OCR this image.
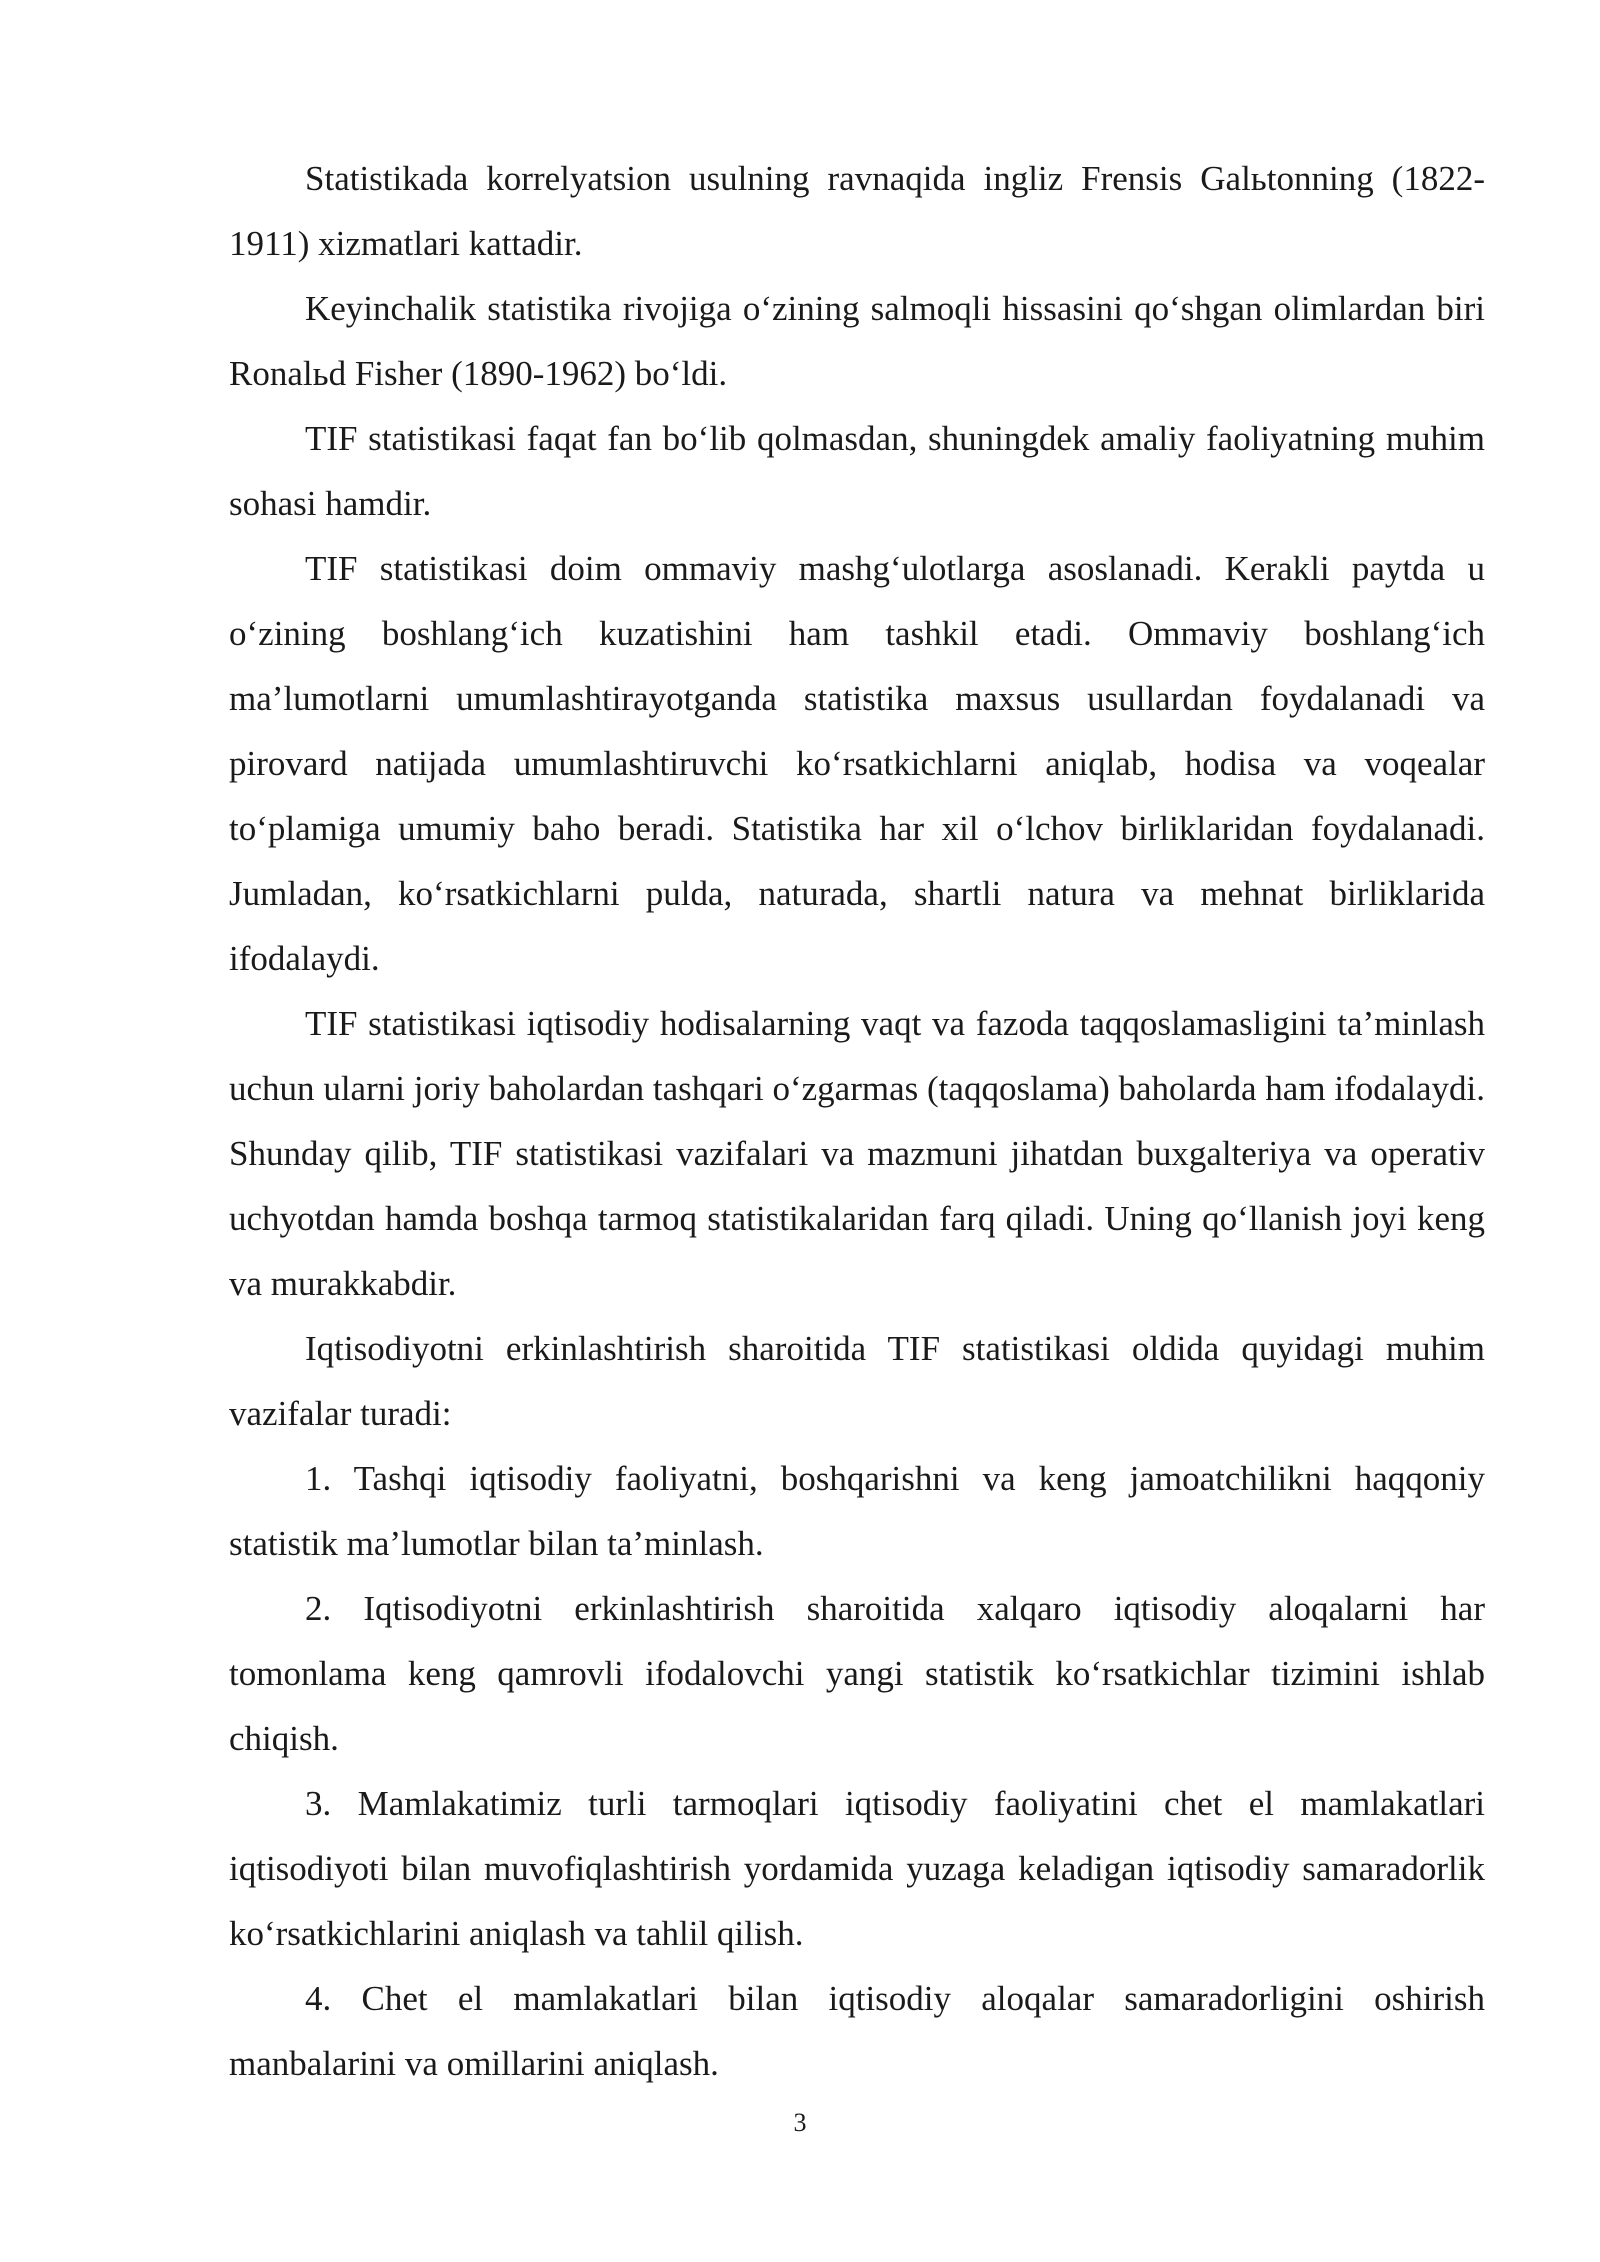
Statistikada korrelyatsion usulning ravnaqida ingliz Frensis Galьtonning (1822-1911) xizmatlari kattadir.

Keyinchalik statistika rivojiga o‘zining salmoqli hissasini qo‘shgan olimlardan biri Ronalьd Fisher (1890-1962) bo‘ldi.

TIF statistikasi faqat fan bo‘lib qolmasdan, shuningdek amaliy faoliyatning muhim sohasi hamdir.

TIF statistikasi doim ommaviy mashg‘ulotlarga asoslanadi. Kerakli paytda u o‘zining boshlang‘ich kuzatishini ham tashkil etadi. Ommaviy boshlang‘ich ma’lumotlarni umumlashtirayotganda statistika maxsus usullardan foydalanadi va pirovard natijada umumlashtiruvchi ko‘rsatkichlarni aniqlab, hodisa va voqealar to‘plamiga umumiy baho beradi. Statistika har xil o‘lchov birliklaridan foydalanadi. Jumladan, ko‘rsatkichlarni pulda, naturada, shartli natura va mehnat birliklarida ifodalaydi.

TIF statistikasi iqtisodiy hodisalarning vaqt va fazoda taqqoslamasligini ta’minlash uchun ularni joriy baholardan tashqari o‘zgarmas (taqqoslama) baholarda ham ifodalaydi. Shunday qilib, TIF statistikasi vazifalari va mazmuni jihatdan buxgalteriya va operativ uchyotdan hamda boshqa tarmoq statistikalaridan farq qiladi. Uning qo‘llanish joyi keng va murakkabdir.

Iqtisodiyotni erkinlashtirish sharoitida TIF statistikasi oldida quyidagi muhim vazifalar turadi:

1. Tashqi iqtisodiy faoliyatni, boshqarishni va keng jamoatchilikni haqqoniy statistik ma’lumotlar bilan ta’minlash.

2. Iqtisodiyotni erkinlashtirish sharoitida xalqaro iqtisodiy aloqalarni har tomonlama keng qamrovli ifodalovchi yangi statistik ko‘rsatkichlar tizimini ishlab chiqish.

3. Mamlakatimiz turli tarmoqlari iqtisodiy faoliyatini chet el mamlakatlari iqtisodiyoti bilan muvofiqlashtirish yordamida yuzaga keladigan iqtisodiy samaradorlik ko‘rsatkichlarini aniqlash va tahlil qilish.

4. Chet el mamlakatlari bilan iqtisodiy aloqalar samaradorligini oshirish manbalarini va omillarini aniqlash.

3
